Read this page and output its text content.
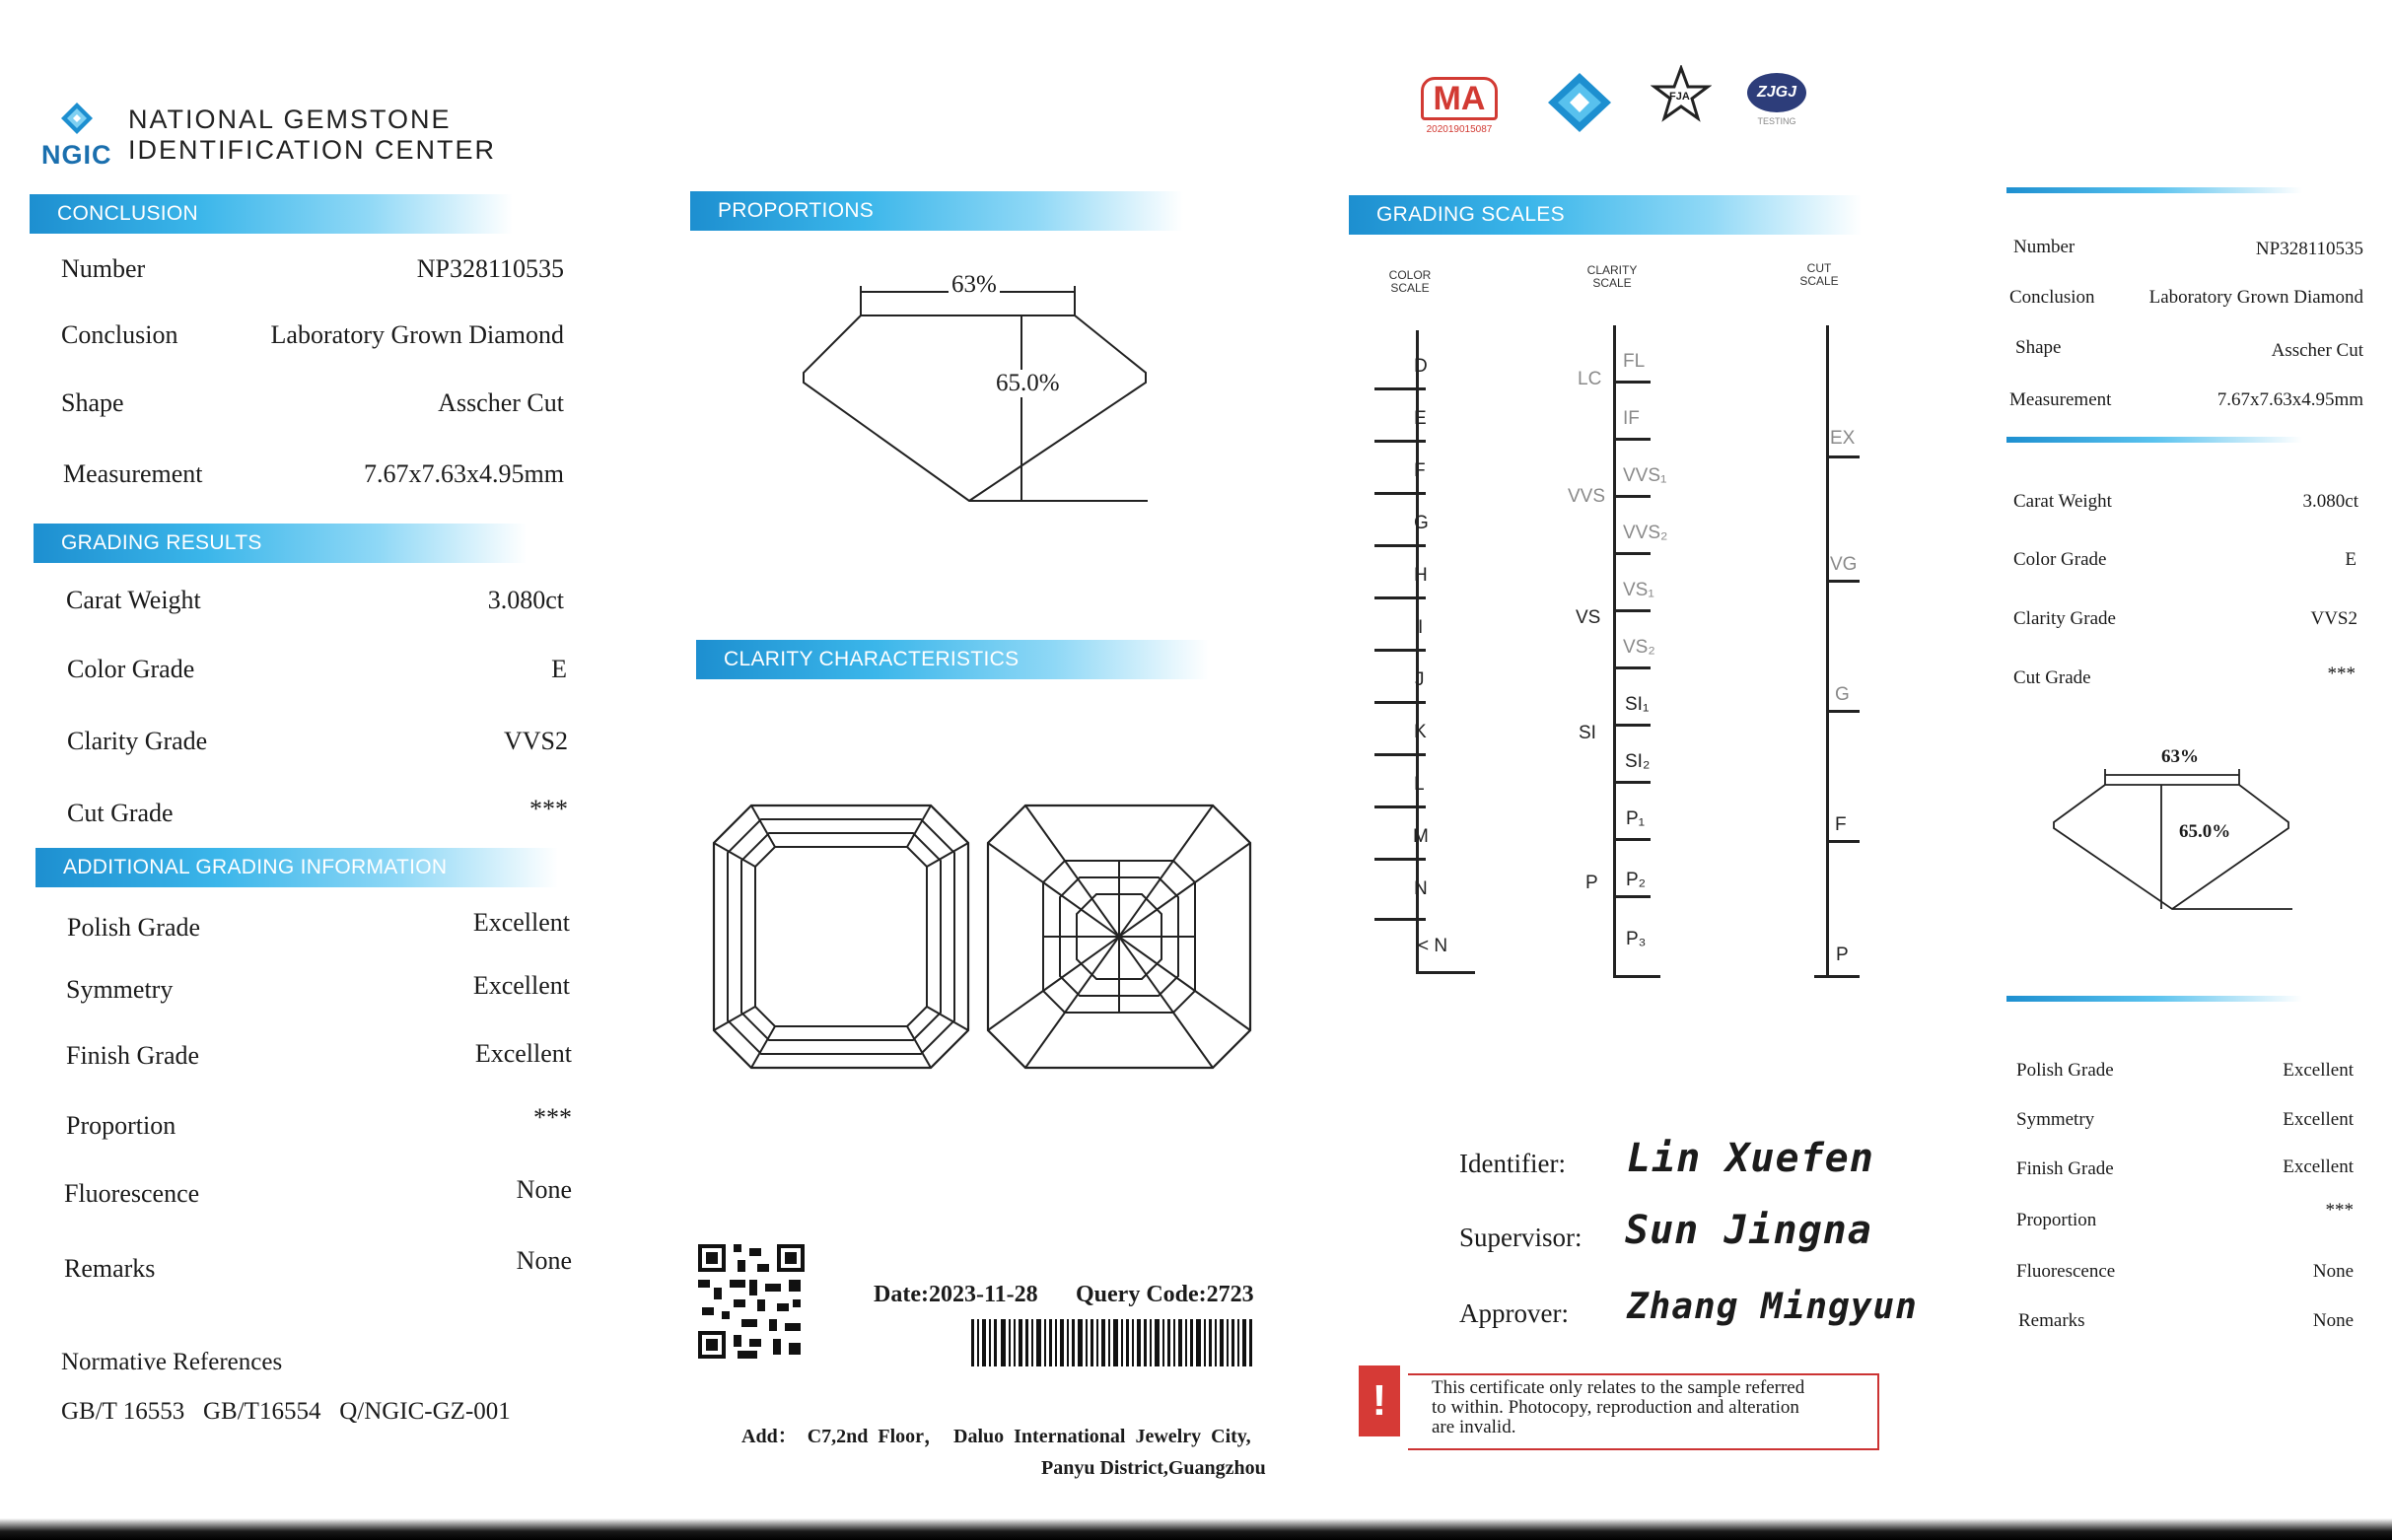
NGIC
NATIONAL GEMSTONE
IDENTIFICATION CENTER
CONCLUSION
Number	NP328110535
Conclusion	Laboratory Grown Diamond
Shape	Asscher Cut
Measurement	7.67x7.63x4.95mm
GRADING RESULTS
Carat Weight	3.080ct
Color Grade	E
Clarity Grade	VVS2
Cut Grade	***
ADDITIONAL GRADING INFORMATION
Polish Grade	Excellent
Symmetry	Excellent
Finish Grade	Excellent
Proportion	***
Fluorescence	None
Remarks	None
Normative References
GB/T 16553   GB/T16554   Q/NGIC-GZ-001
PROPORTIONS
63%
65.0%
CLARITY CHARACTERISTICS
Date:2023-11-28 Query Code:2723
Add：  C7,2nd  Floor，  Daluo  International  Jewelry  City,
Panyu District,Guangzhou
MA
202019015087
FJA	ZJGJ
TESTING
GRADING SCALES
COLOR
SCALE
CLARITY
SCALE
CUT
SCALE
D
E
F
G
H
I
J
K
L
M
N
< N
LC
VVS
VS
SI
P
FL
IF
VVS₁
VVS₂
VS₁
VS₂
SI₁
SI₂
P₁
P₂
P₃
EX
VG
G
F
P
Identifier: Lin Xuefen
Supervisor: Sun Jingna
Approver: Zhang Mingyun
!	This certificate only relates to the sample referred
to within. Photocopy, reproduction and alteration
are invalid.
Number	NP328110535
Conclusion	Laboratory Grown Diamond
Shape	Asscher Cut
Measurement	7.67x7.63x4.95mm
Carat Weight	3.080ct
Color Grade	E
Clarity Grade	VVS2
Cut Grade	***
63%
65.0%
Polish Grade	Excellent
Symmetry	Excellent
Finish Grade	Excellent
Proportion	***
Fluorescence	None
Remarks	None
